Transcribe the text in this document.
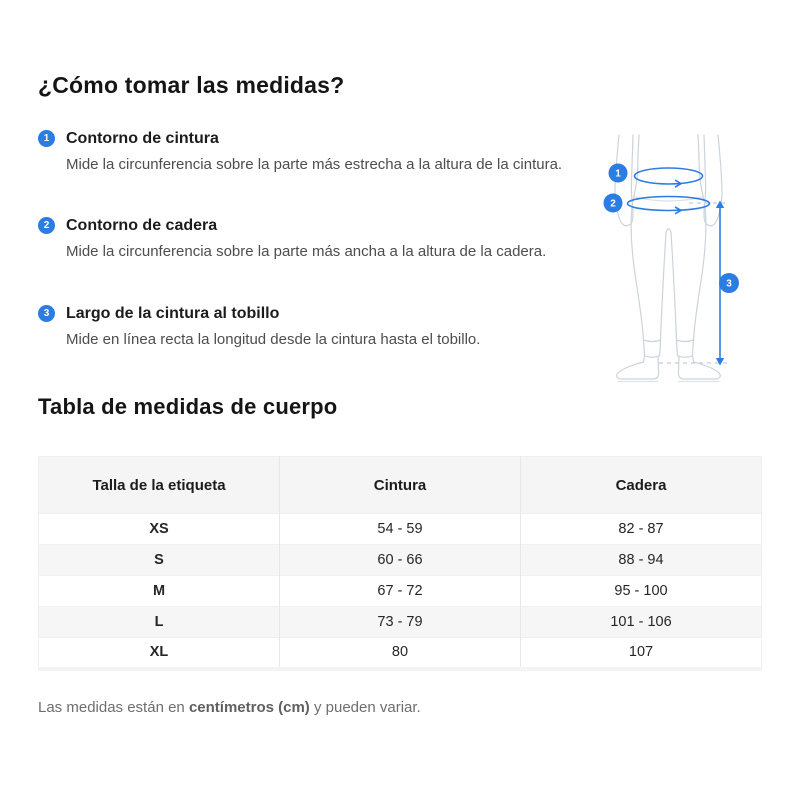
¿Cómo tomar las medidas?
1	Contorno de cintura
Mide la circunferencia sobre la parte más estrecha a la altura de la cintura.
2	Contorno de cadera
Mide la circunferencia sobre la parte más ancha a la altura de la cadera.
3	Largo de la cintura al tobillo
Mide en línea recta la longitud desde la cintura hasta el tobillo.
1
2
3
Tabla de medidas de cuerpo
Talla de la etiqueta	Cintura	Cadera
XS	54 - 59	82 - 87
S	60 - 66	88 - 94
M	67 - 72	95 - 100
L	73 - 79	101 - 106
XL	80	107

Las medidas están en centímetros (cm) y pueden variar.
